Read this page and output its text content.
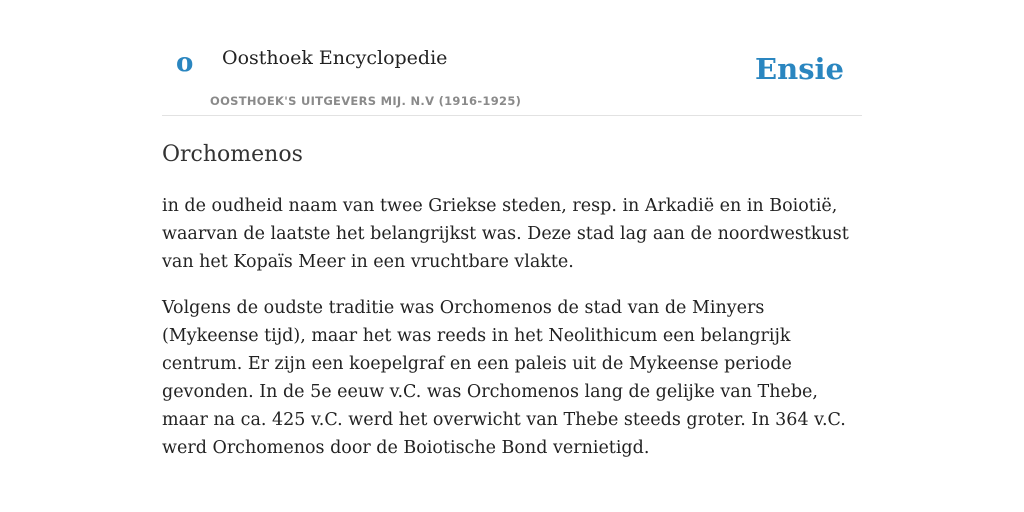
o Oosthoek Encyclopedie
OOSTHOEK'S UITGEVERS MIJ. N.V (1916-1925)
Ensie
Orchomenos

in de oudheid naam van twee Griekse steden, resp. in Arkadië en in Boiotië, waarvan de laatste het belangrijkst was. Deze stad lag aan de noordwestkust van het Kopaïs Meer in een vruchtbare vlakte.

Volgens de oudste traditie was Orchomenos de stad van de Minyers (Mykeense tijd), maar het was reeds in het Neolithicum een belangrijk centrum. Er zijn een koepelgraf en een paleis uit de Mykeense periode gevonden. In de 5e eeuw v.C. was Orchomenos lang de gelijke van Thebe, maar na ca. 425 v.C. werd het overwicht van Thebe steeds groter. In 364 v.C. werd Orchomenos door de Boiotische Bond vernietigd.
